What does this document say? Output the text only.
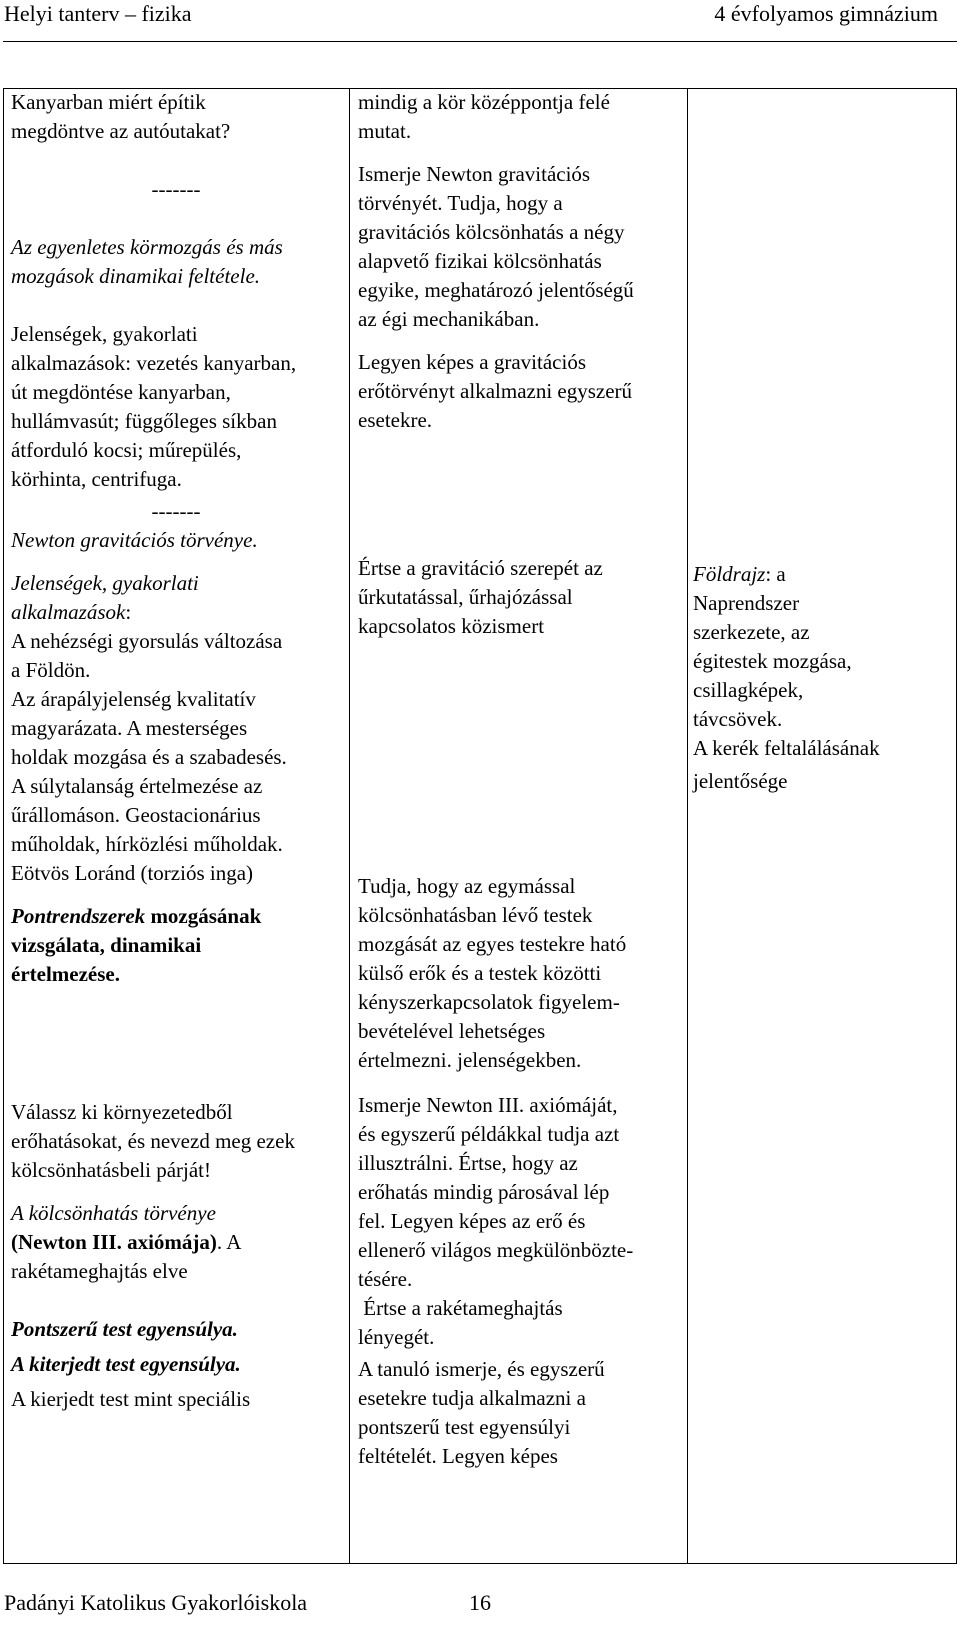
Helyi tanterv – fizika	4 évfolyamos gimnázium

Kanyarban miért építik

megdöntve az autóutakat?

-------

Az egyenletes körmozgás és más

mozgások dinamikai feltétele.

Jelenségek, gyakorlati

alkalmazások: vezetés kanyarban,

út megdöntése kanyarban,

hullámvasút; függőleges síkban

átforduló kocsi; műrepülés,

körhinta, centrifuga.

-------

Newton gravitációs törvénye.

Jelenségek, gyakorlati

alkalmazások:

A nehézségi gyorsulás változása

a Földön.

Az árapályjelenség kvalitatív

magyarázata. A mesterséges

holdak mozgása és a szabadesés.

A súlytalanság értelmezése az

űrállomáson. Geostacionárius

műholdak, hírközlési műholdak.

Eötvös Loránd (torziós inga)

Pontrendszerek mozgásának

vizsgálata, dinamikai

értelmezése.

Válassz ki környezetedből

erőhatásokat, és nevezd meg ezek

kölcsönhatásbeli párját!

A kölcsönhatás törvénye

(Newton III. axiómája). A

rakétameghajtás elve

Pontszerű test egyensúlya.

A kiterjedt test egyensúlya.

A kierjedt test mint speciális

mindig a kör középpontja felé

mutat.

Ismerje Newton gravitációs

törvényét. Tudja, hogy a

gravitációs kölcsönhatás a négy

alapvető fizikai kölcsönhatás

egyike, meghatározó jelentőségű

az égi mechanikában.

Legyen képes a gravitációs

erőtörvényt alkalmazni egyszerű

esetekre.

Értse a gravitáció szerepét az

űrkutatással, űrhajózással

kapcsolatos közismert

Tudja, hogy az egymással

kölcsönhatásban lévő testek

mozgását az egyes testekre ható

külső erők és a testek közötti

kényszerkapcsolatok figyelem-

bevételével lehetséges

értelmezni. jelenségekben.

Ismerje Newton III. axiómáját,

és egyszerű példákkal tudja azt

illusztrálni. Értse, hogy az

erőhatás mindig párosával lép

fel. Legyen képes az erő és

ellenerő világos megkülönbözte-

tésére.

Értse a rakétameghajtás

lényegét.

A tanuló ismerje, és egyszerű

esetekre tudja alkalmazni a

pontszerű test egyensúlyi

feltételét. Legyen képes

Földrajz: a

Naprendszer

szerkezete, az

égitestek mozgása,

csillagképek,

távcsövek.

A kerék feltalálásának

jelentősége

Padányi Katolikus Gyakorlóiskola	16
